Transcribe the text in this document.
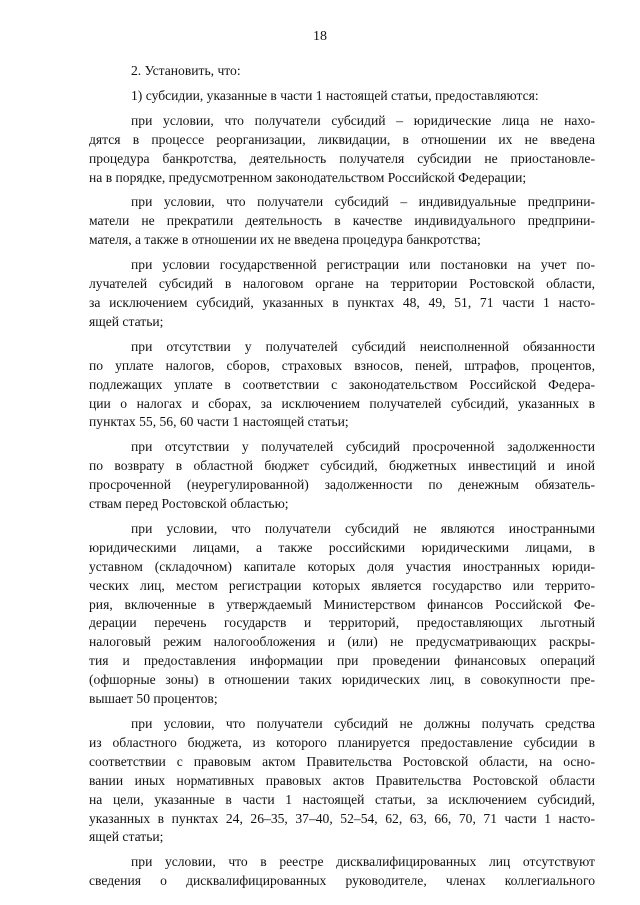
18

2. Установить, что:

1) субсидии, указанные в части 1 настоящей статьи, предоставляются:

при условии, что получатели субсидий – юридические лица не нахо-
дятся в процессе реорганизации, ликвидации, в отношении их не введена
процедура банкротства, деятельность получателя субсидии не приостановле-
на в порядке, предусмотренном законодательством Российской Федерации;

при условии, что получатели субсидий – индивидуальные предприни-
матели не прекратили деятельность в качестве индивидуального предприни-
мателя, а также в отношении их не введена процедура банкротства;

при условии государственной регистрации или постановки на учет по-
лучателей субсидий в налоговом органе на территории Ростовской области,
за исключением субсидий, указанных в пунктах 48, 49, 51, 71 части 1 насто-
ящей статьи;

при отсутствии у получателей субсидий неисполненной обязанности
по уплате налогов, сборов, страховых взносов, пеней, штрафов, процентов,
подлежащих уплате в соответствии с законодательством Российской Федера-
ции о налогах и сборах, за исключением получателей субсидий, указанных в
пунктах 55, 56, 60 части 1 настоящей статьи;

при отсутствии у получателей субсидий просроченной задолженности
по возврату в областной бюджет субсидий, бюджетных инвестиций и иной
просроченной (неурегулированной) задолженности по денежным обязатель-
ствам перед Ростовской областью;

при условии, что получатели субсидий не являются иностранными
юридическими лицами, а также российскими юридическими лицами, в
уставном (складочном) капитале которых доля участия иностранных юриди-
ческих лиц, местом регистрации которых является государство или террито-
рия, включенные в утверждаемый Министерством финансов Российской Фе-
дерации перечень государств и территорий, предоставляющих льготный
налоговый режим налогообложения и (или) не предусматривающих раскры-
тия и предоставления информации при проведении финансовых операций
(офшорные зоны) в отношении таких юридических лиц, в совокупности пре-
вышает 50 процентов;

при условии, что получатели субсидий не должны получать средства
из областного бюджета, из которого планируется предоставление субсидии в
соответствии с правовым актом Правительства Ростовской области, на осно-
вании иных нормативных правовых актов Правительства Ростовской области
на цели, указанные в части 1 настоящей статьи, за исключением субсидий,
указанных в пунктах 24, 26–35, 37–40, 52–54, 62, 63, 66, 70, 71 части 1 насто-
ящей статьи;

при условии, что в реестре дисквалифицированных лиц отсутствуют
сведения о дисквалифицированных руководителе, членах коллегиального
